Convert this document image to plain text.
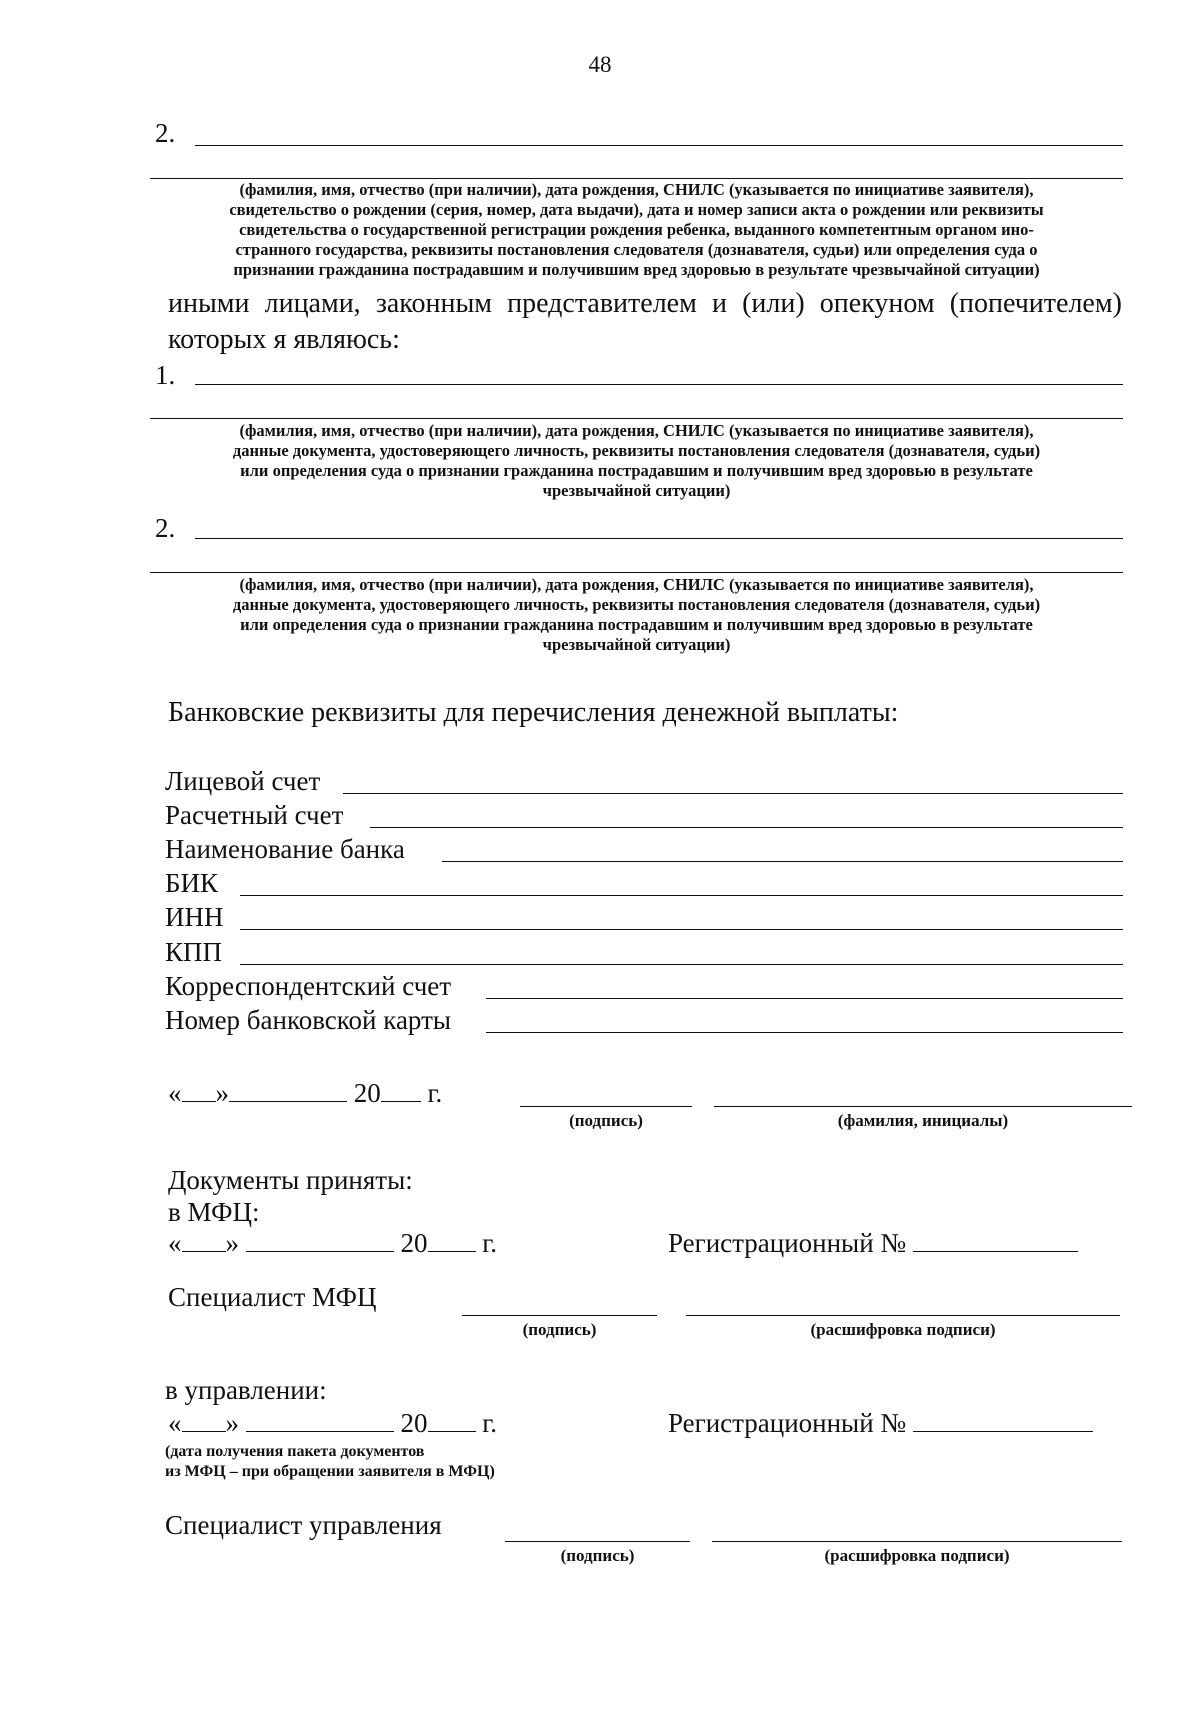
48
2.
(фамилия, имя, отчество (при наличии), дата рождения, СНИЛС (указывается по инициативе заявителя),
свидетельство о рождении (серия, номер, дата выдачи), дата и номер записи акта о рождении или реквизиты
свидетельства о государственной регистрации рождения ребенка, выданного компетентным органом ино-
странного государства, реквизиты постановления следователя (дознавателя, судьи) или определения суда о
признании гражданина пострадавшим и получившим вред здоровью в результате чрезвычайной ситуации)
иными лицами, законным представителем и (или) опекуном (попечителем)
которых я являюсь:
1.
(фамилия, имя, отчество (при наличии), дата рождения, СНИЛС (указывается по инициативе заявителя),
данные документа, удостоверяющего личность, реквизиты постановления следователя (дознавателя, судьи)
или определения суда о признании гражданина пострадавшим и получившим вред здоровью в результате
чрезвычайной ситуации)
2.
(фамилия, имя, отчество (при наличии), дата рождения, СНИЛС (указывается по инициативе заявителя),
данные документа, удостоверяющего личность, реквизиты постановления следователя (дознавателя, судьи)
или определения суда о признании гражданина пострадавшим и получившим вред здоровью в результате
чрезвычайной ситуации)
Банковские реквизиты для перечисления денежной выплаты:
Лицевой счет
Расчетный счет
Наименование банка
БИК
ИНН
КПП
Корреспондентский счет
Номер банковской карты
« »	20 г.
(подпись)	(фамилия, инициалы)
Документы приняты:
в МФЦ:
« »	20 г.	Регистрационный №
Специалист МФЦ
(подпись)	(расшифровка подписи)
в управлении:
« »	20 г.	Регистрационный №
(дата получения пакета документов
из МФЦ – при обращении заявителя в МФЦ)
Специалист управления
(подпись)	(расшифровка подписи)
